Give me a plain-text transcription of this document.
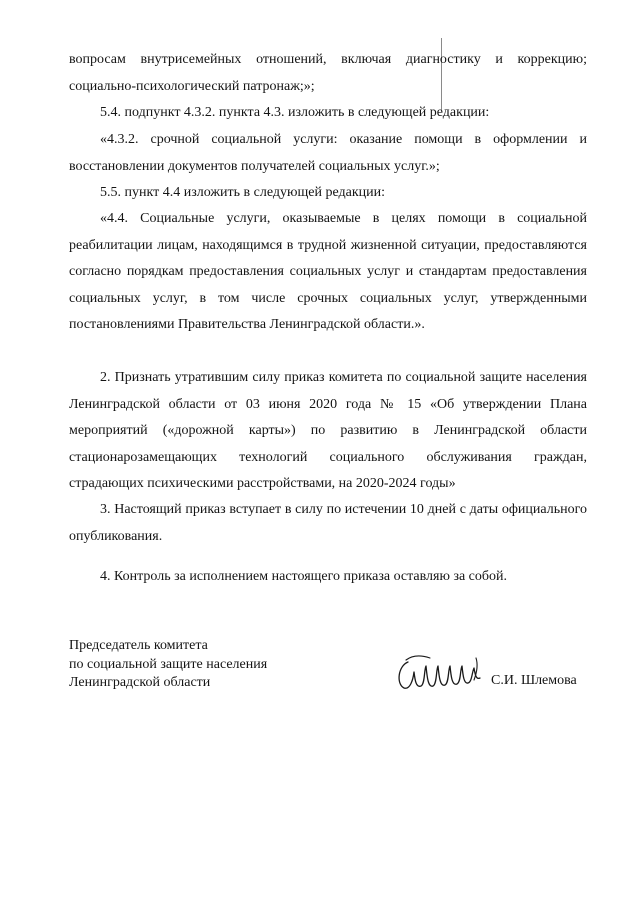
вопросам внутрисемейных отношений, включая диагностику и коррекцию; социально-психологический патронаж;»;

5.4. подпункт 4.3.2. пункта 4.3. изложить в следующей редакции:

«4.3.2. срочной социальной услуги: оказание помощи в оформлении и восстановлении документов получателей социальных услуг.»;

5.5. пункт 4.4 изложить в следующей редакции:

«4.4. Социальные услуги, оказываемые в целях помощи в социальной реабилитации лицам, находящимся в трудной жизненной ситуации, предоставляются согласно порядкам предоставления социальных услуг и стандартам предоставления социальных услуг, в том числе срочных социальных услуг, утвержденными постановлениями Правительства Ленинградской области.».

2. Признать утратившим силу приказ комитета по социальной защите населения Ленинградской области от 03 июня 2020 года № 15 «Об утверждении Плана мероприятий («дорожной карты») по развитию в Ленинградской области стационарозамещающих технологий социального обслуживания граждан, страдающих психическими расстройствами, на 2020-2024 годы»

3. Настоящий приказ вступает в силу по истечении 10 дней с даты официального опубликования.

4. Контроль за исполнением настоящего приказа оставляю за собой.

Председатель комитета
по социальной защите населения
Ленинградской области	С.И. Шлемова
